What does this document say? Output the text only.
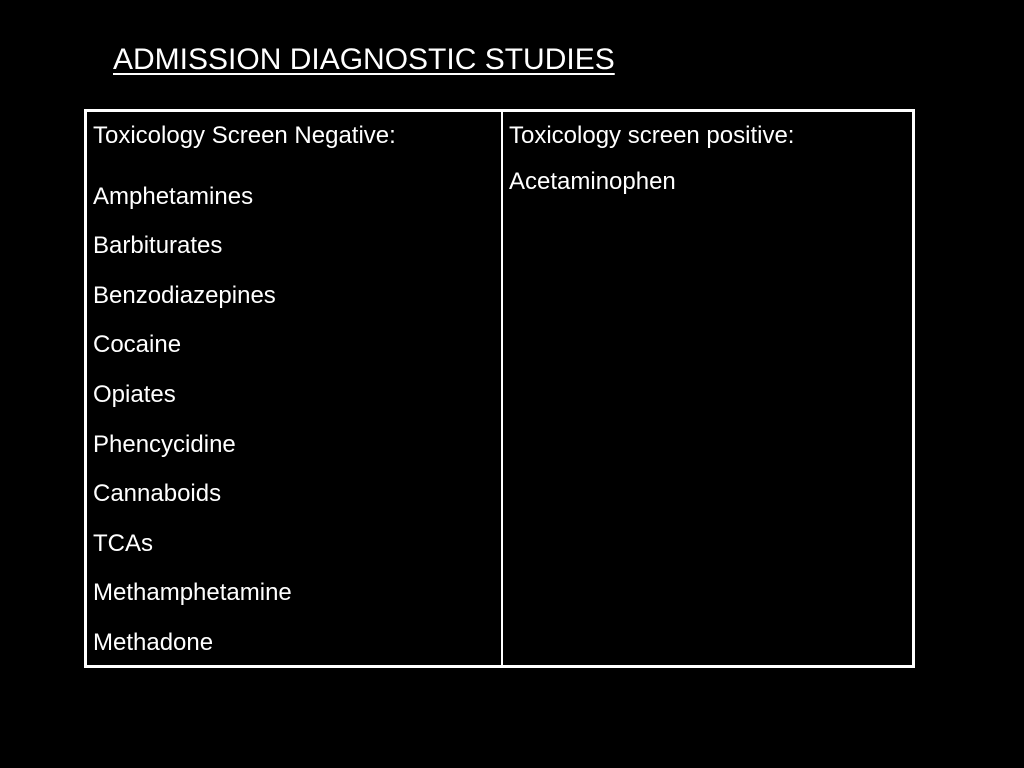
ADMISSION DIAGNOSTIC STUDIES
Toxicology Screen Negative:
Amphetamines
Barbiturates
Benzodiazepines
Cocaine
Opiates
Phencycidine
Cannaboids
TCAs
Methamphetamine
Methadone
Toxicology screen positive:
Acetaminophen
